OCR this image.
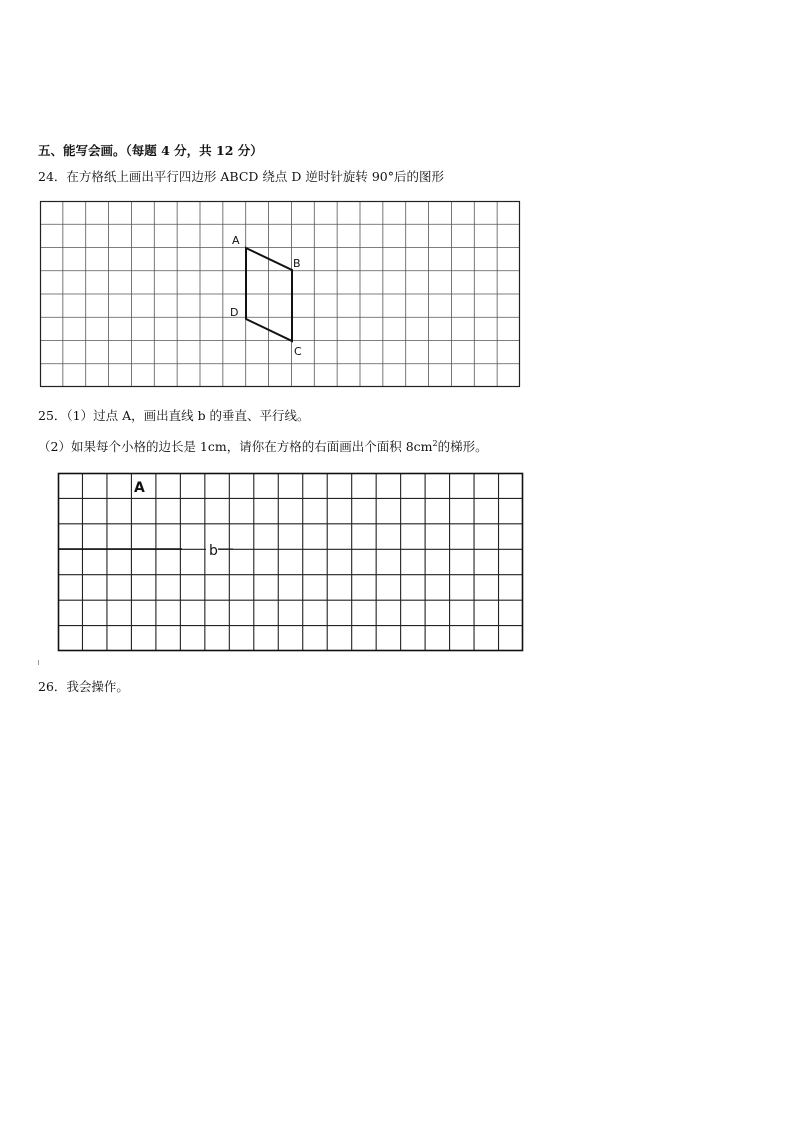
五、能写会画。（每题 4 分，共 12 分）
24．在方格纸上画出平行四边形 ABCD 绕点 D 逆时针旋转 90°后的图形
A
B
C
D
25．（1）过点 A，画出直线 b 的垂直、平行线。
（2）如果每个小格的边长是 1cm，请你在方格的右面画出个面积 $8cm^2$的梯形。
b
A
26．我会操作。
